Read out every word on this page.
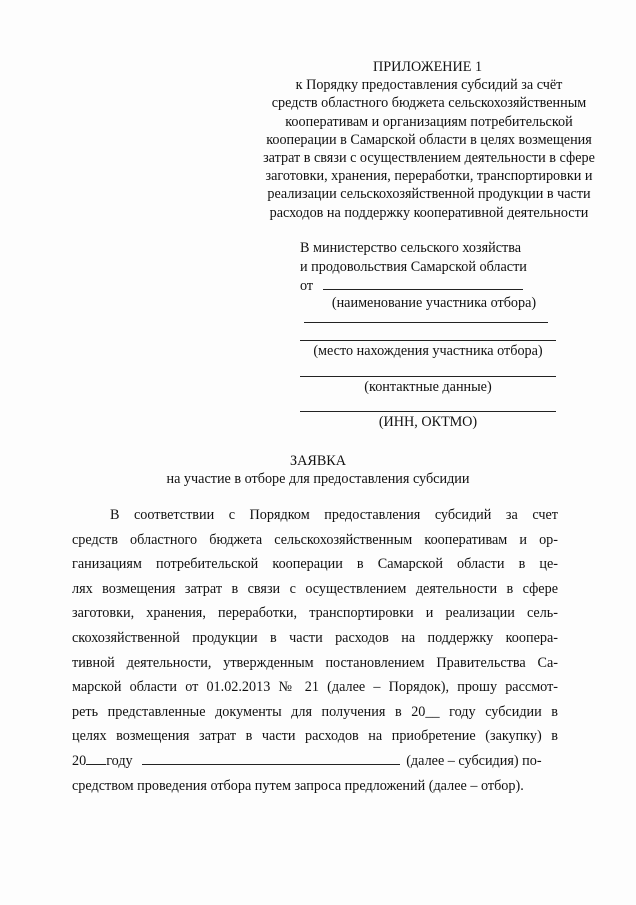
ПРИЛОЖЕНИЕ 1
к Порядку предоставления субсидий за счёт
средств областного бюджета сельскохозяйственным
кооперативам и организациям потребительской
кооперации в Самарской области в целях возмещения
затрат в связи с осуществлением деятельности в сфере
заготовки, хранения, переработки, транспортировки и
реализации сельскохозяйственной продукции в части
расходов на поддержку кооперативной деятельности
В министерство сельского хозяйства
и продовольствия Самарской области
от
(наименование участника отбора)
(место нахождения участника отбора)
(контактные данные)
(ИНН, ОКТМО)
ЗАЯВКА
на участие в отборе для предоставления субсидии
В соответствии с Порядком предоставления субсидий за счет
средств областного бюджета сельскохозяйственным кооперативам и ор-
ганизациям потребительской кооперации в Самарской области в це-
лях возмещения затрат в связи с осуществлением деятельности в сфере
заготовки, хранения, переработки, транспортировки и реализации сель-
скохозяйственной продукции в части расходов на поддержку коопера-
тивной деятельности, утвержденным постановлением Правительства Са-
марской области от 01.02.2013 № 21 (далее – Порядок), прошу рассмот-
реть представленные документы для получения в 20__ году субсидии в
целях возмещения затрат в части расходов на приобретение (закупку) в
20 году	(далее – субсидия) по-
средством проведения отбора путем запроса предложений (далее – отбор).
